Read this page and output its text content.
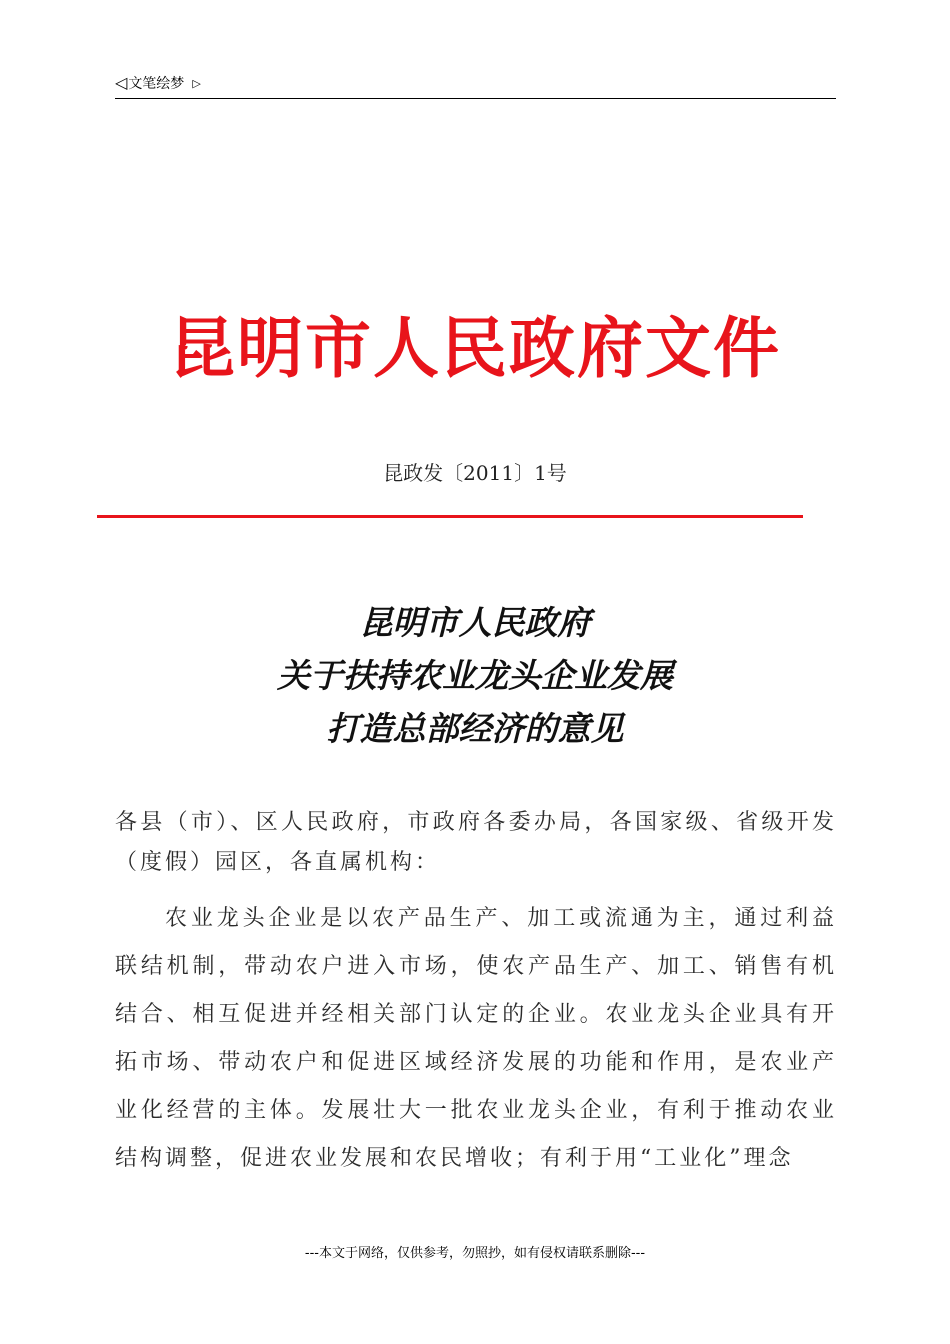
◁文笔绘梦 ▷
昆明市人民政府文件
昆政发〔2011〕1号
昆明市人民政府
关于扶持农业龙头企业发展
打造总部经济的意见
各县（市）、区人民政府，市政府各委办局，各国家级、省级开发（度假）园区，各直属机构：
农业龙头企业是以农产品生产、加工或流通为主，通过利益联结机制，带动农户进入市场，使农产品生产、加工、销售有机结合、相互促进并经相关部门认定的企业。农业龙头企业具有开拓市场、带动农户和促进区域经济发展的功能和作用，是农业产业化经营的主体。发展壮大一批农业龙头企业，有利于推动农业结构调整，促进农业发展和农民增收；有利于用“工业化”理念
---本文于网络，仅供参考，勿照抄，如有侵权请联系删除---
